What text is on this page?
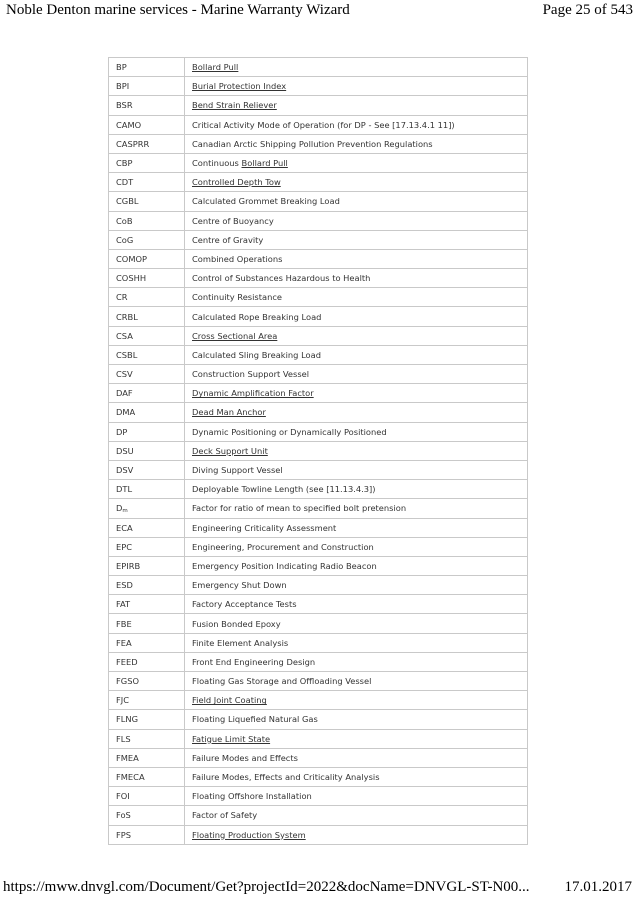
Noble Denton marine services - Marine Warranty Wizard	Page 25 of 543
BP	Bollard Pull
BPI	Burial Protection Index
BSR	Bend Strain Reliever
CAMO	Critical Activity Mode of Operation (for DP - See [17.13.4.1 11])
CASPRR	Canadian Arctic Shipping Pollution Prevention Regulations
CBP	Continuous Bollard Pull
CDT	Controlled Depth Tow
CGBL	Calculated Grommet Breaking Load
CoB	Centre of Buoyancy
CoG	Centre of Gravity
COMOP	Combined Operations
COSHH	Control of Substances Hazardous to Health
CR	Continuity Resistance
CRBL	Calculated Rope Breaking Load
CSA	Cross Sectional Area
CSBL	Calculated Sling Breaking Load
CSV	Construction Support Vessel
DAF	Dynamic Amplification Factor
DMA	Dead Man Anchor
DP	Dynamic Positioning or Dynamically Positioned
DSU	Deck Support Unit
DSV	Diving Support Vessel
DTL	Deployable Towline Length (see [11.13.4.3])
Dm	Factor for ratio of mean to specified bolt pretension
ECA	Engineering Criticality Assessment
EPC	Engineering, Procurement and Construction
EPIRB	Emergency Position Indicating Radio Beacon
ESD	Emergency Shut Down
FAT	Factory Acceptance Tests
FBE	Fusion Bonded Epoxy
FEA	Finite Element Analysis
FEED	Front End Engineering Design
FGSO	Floating Gas Storage and Offloading Vessel
FJC	Field Joint Coating
FLNG	Floating Liquefied Natural Gas
FLS	Fatigue Limit State
FMEA	Failure Modes and Effects
FMECA	Failure Modes, Effects and Criticality Analysis
FOI	Floating Offshore Installation
FoS	Factor of Safety
FPS	Floating Production System
https://mww.dnvgl.com/Document/Get?projectId=2022&docName=DNVGL-ST-N00... 17.01.2017
